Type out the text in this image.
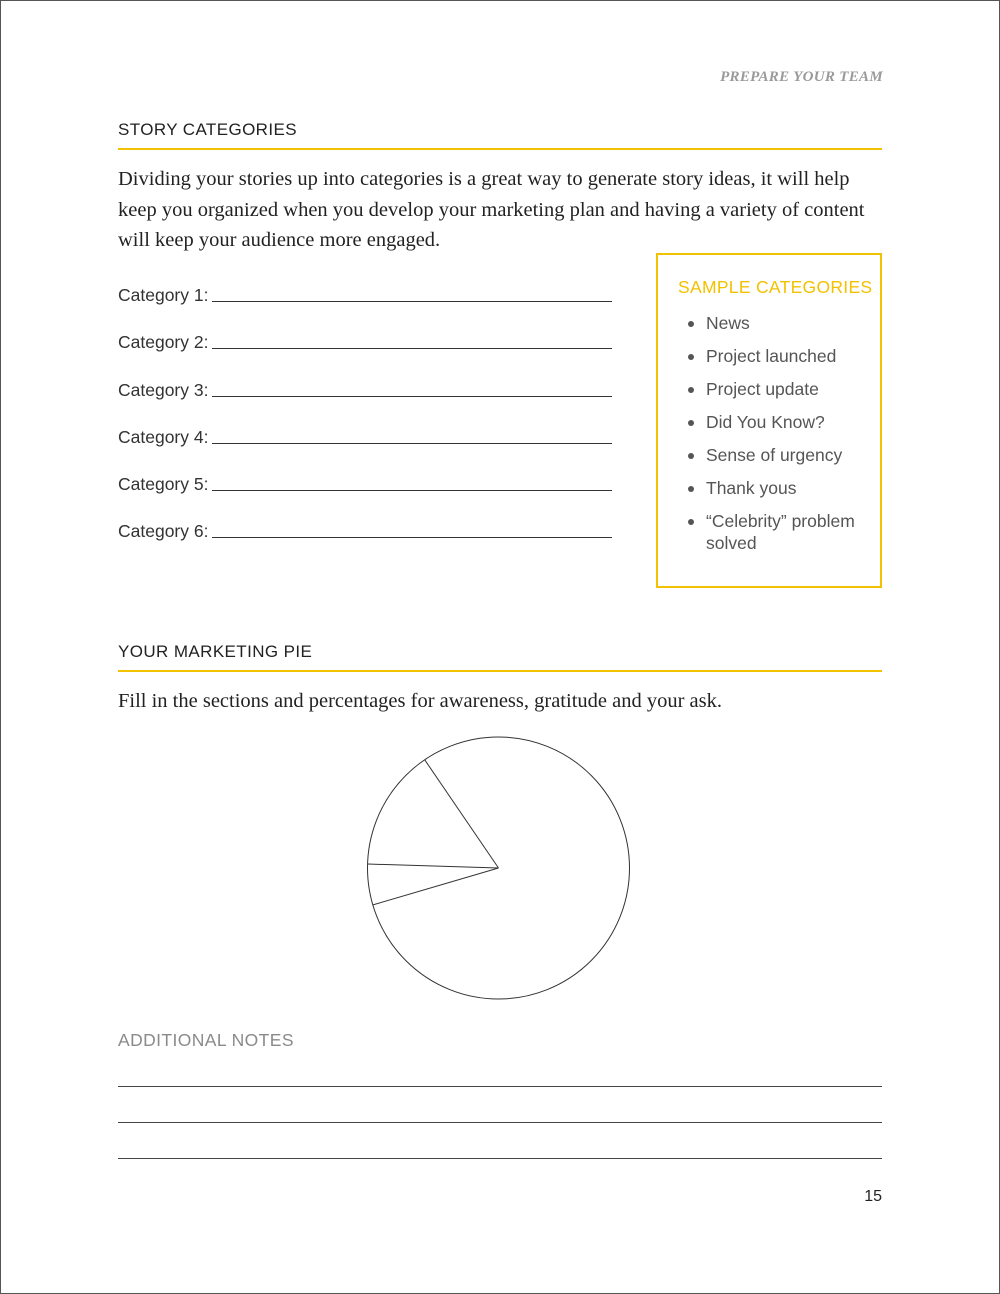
PREPARE YOUR TEAM
STORY CATEGORIES
Dividing your stories up into categories is a great way to generate story ideas, it will help keep you organized when you develop your marketing plan and having a variety of content will keep your audience more engaged.
Category 1:
Category 2:
Category 3:
Category 4:
Category 5:
Category 6:
SAMPLE CATEGORIES
News
Project launched
Project update
Did You Know?
Sense of urgency
Thank yous
“Celebrity” problem solved
YOUR MARKETING PIE
Fill in the sections and percentages for awareness, gratitude and your ask.
ADDITIONAL NOTES
15
